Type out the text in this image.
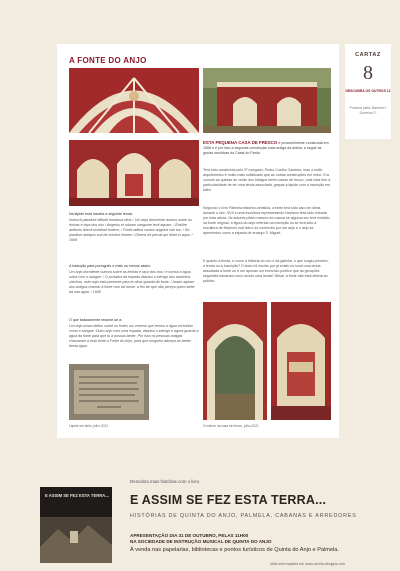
A FONTE DO ANJO
ESTA PEQUENA CASA DE FRESCO é provavelmente construída em 1568 e é por isso a segunda construção mais antiga da aldeia, a seguir às grutas neolíticas do Casal do Pardo.
Terá sido construída pelo 3º morgado, Pedro Coelho Cardoso, mas o estilo arquitetónico é muito mais sofisticado que as outras construções em redor. Era comum as quintas de verão dos fidalgos terem casas de fresco, mas esta tem a particularidade de ter uma lenda associada, graças à lápide com a inscrição em latim.
Segundo o livro Palmela histórico-artística, a fonte terá sido alvo de obras durante o séc. XVII e uma escultura representando Neptuno terá sido retirada por esta altura. Os autores põem mesmo em causa se alguma vez terá existido, na fonte original, a figura do anjo referida na inscrição ou se terá sido a escultura de Neptuno mal lida e se confundiu por um anjo e o anjo se apresentou como a espada de arcanjo S. Miguel.
E quanto à lenda, é como a história do ovo e da galinha, o que surgiu primeiro, a lenda ou a inscrição? O texto foi escrito por já existir no local uma lenda associada à fonte ou é um apenas um exercício poético que as gerações seguintes tomaram como sendo uma lenda? Afinal, a fonte não está aberta ao público.
Na lápide está inscrita a seguinte lenda:
Instructi plaudunt diffudit frondosa silvis / Um anjo dormiente aureus sobre as lenhas e taça dos rios / Angelus et rubram sanguine fecit aquam. / Exsilire ardituris directi umbiliad fontem; / Fontis adinst cautos angelus iste tuo. / Sic placitum antiquis sub de nomine fontem / Dicens ne percat qui bibet in aqua. / 1568
A tradução para português é mais ou menos assim:
Um anjo dormiente outrora sobre as lenhas e taça dos rios / e tornou a água rubra com o sangue. / O portador da espada afastou o inimigo dos assentos vizinhos, este anjo está presente para te olhar guarda de fonte. / Assim agiram aos antigos chamar à fonte com tal nome, a fim de que não pereça quem bebe da sua água. / 1568
O que basicamente resume-se a:
Um anjo bravo deitou sobre os fortes um veneno que tornou a água vermelha como o sangue. Outro anjo com uma espada, afastou o inimigo e agora guarda a água da fonte para que tu a possas beber. Por isso os pessoas antigas chamaram a esta fonte a Fonte do Anjo, para que ninguém adoeça ao beber desta água.
Lápide em latim, julho 2021.	O interior da casa de fresco, julho 2021.
CARTAZ
8
DESCUBRA OS OUTROS 12
Próxima pista: Barrelos? Gorrelos??
E ASSIM SE FEZ ESTA TERRA...
Descubra mais histórias com o livro
E ASSIM SE FEZ ESTA TERRA...
HISTÓRIAS DE QUINTA DO ANJO, PALMELA, CABANAS E ARREDORES
APRESENTAÇÃO DIA 31 DE OUTUBRO, PELAS 11H00
NA SOCIEDADE DE INSTRUÇÃO MUSICAL DE QUINTA DO ANJO
À venda nas papelarias, bibliotecas e pontos turísticos de Quinta do Anjo e Palmela.
Mais informações em www.cecilia-designs.com
